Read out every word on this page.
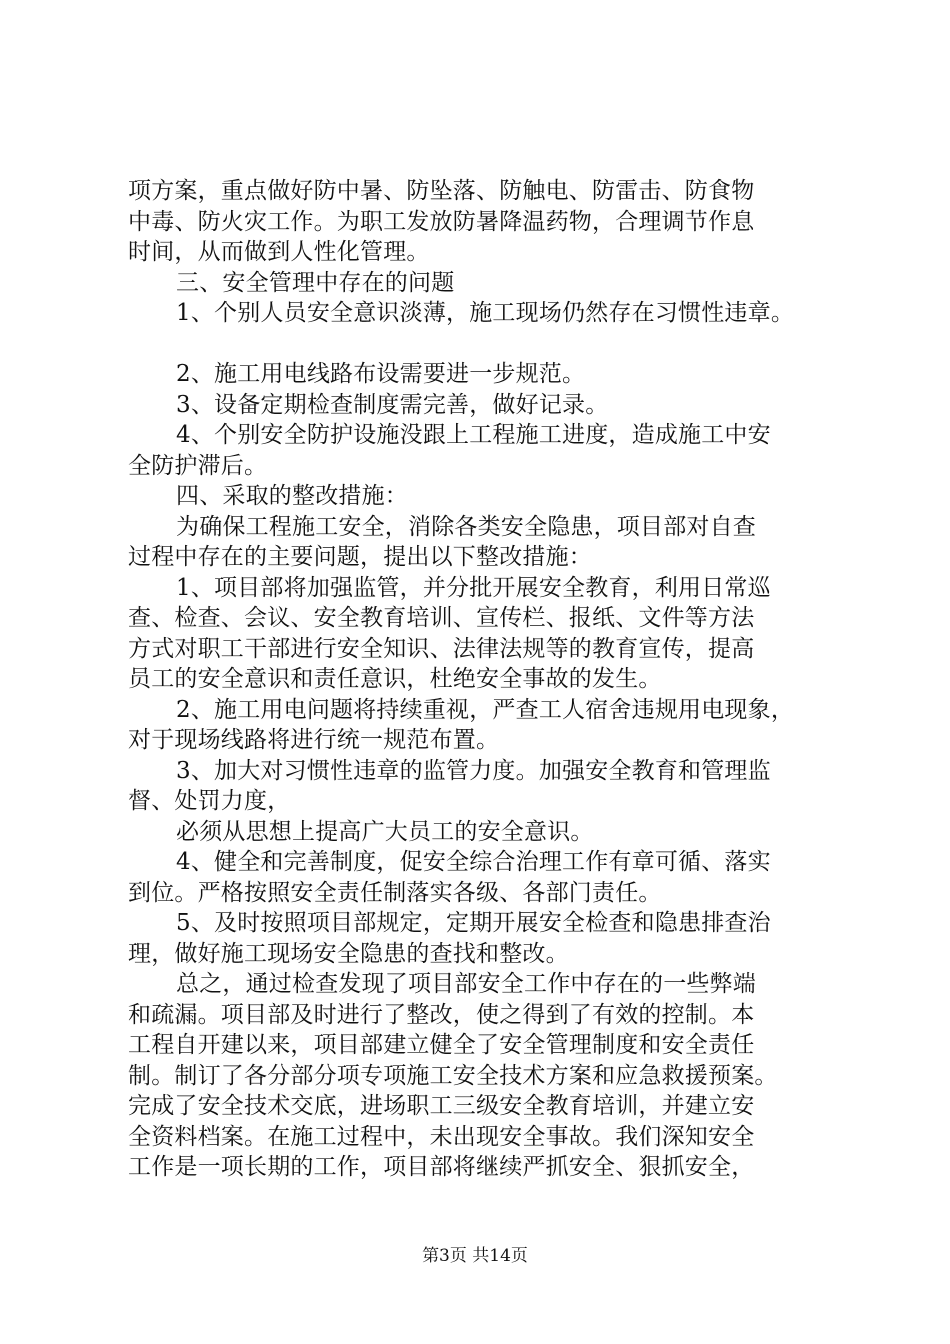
项方案，重点做好防中暑、防坠落、防触电、防雷击、防食物
中毒、防火灾工作。为职工发放防暑降温药物，合理调节作息
时间，从而做到人性化管理。
三、安全管理中存在的问题
1、个别人员安全意识淡薄，施工现场仍然存在习惯性违章。
2、施工用电线路布设需要进一步规范。
3、设备定期检查制度需完善，做好记录。
4、个别安全防护设施没跟上工程施工进度，造成施工中安
全防护滞后。
四、采取的整改措施：
为确保工程施工安全，消除各类安全隐患，项目部对自查
过程中存在的主要问题，提出以下整改措施：
1、项目部将加强监管，并分批开展安全教育，利用日常巡
查、检查、会议、安全教育培训、宣传栏、报纸、文件等方法
方式对职工干部进行安全知识、法律法规等的教育宣传，提高
员工的安全意识和责任意识，杜绝安全事故的发生。
2、施工用电问题将持续重视，严查工人宿舍违规用电现象，
对于现场线路将进行统一规范布置。
3、加大对习惯性违章的监管力度。加强安全教育和管理监
督、处罚力度，
必须从思想上提高广大员工的安全意识。
4、健全和完善制度，促安全综合治理工作有章可循、落实
到位。严格按照安全责任制落实各级、各部门责任。
5、及时按照项目部规定，定期开展安全检查和隐患排查治
理，做好施工现场安全隐患的查找和整改。
总之，通过检查发现了项目部安全工作中存在的一些弊端
和疏漏。项目部及时进行了整改，使之得到了有效的控制。本
工程自开建以来，项目部建立健全了安全管理制度和安全责任
制。制订了各分部分项专项施工安全技术方案和应急救援预案。
完成了安全技术交底，进场职工三级安全教育培训，并建立安
全资料档案。在施工过程中，未出现安全事故。我们深知安全
工作是一项长期的工作，项目部将继续严抓安全、狠抓安全，
第3页 共14页
